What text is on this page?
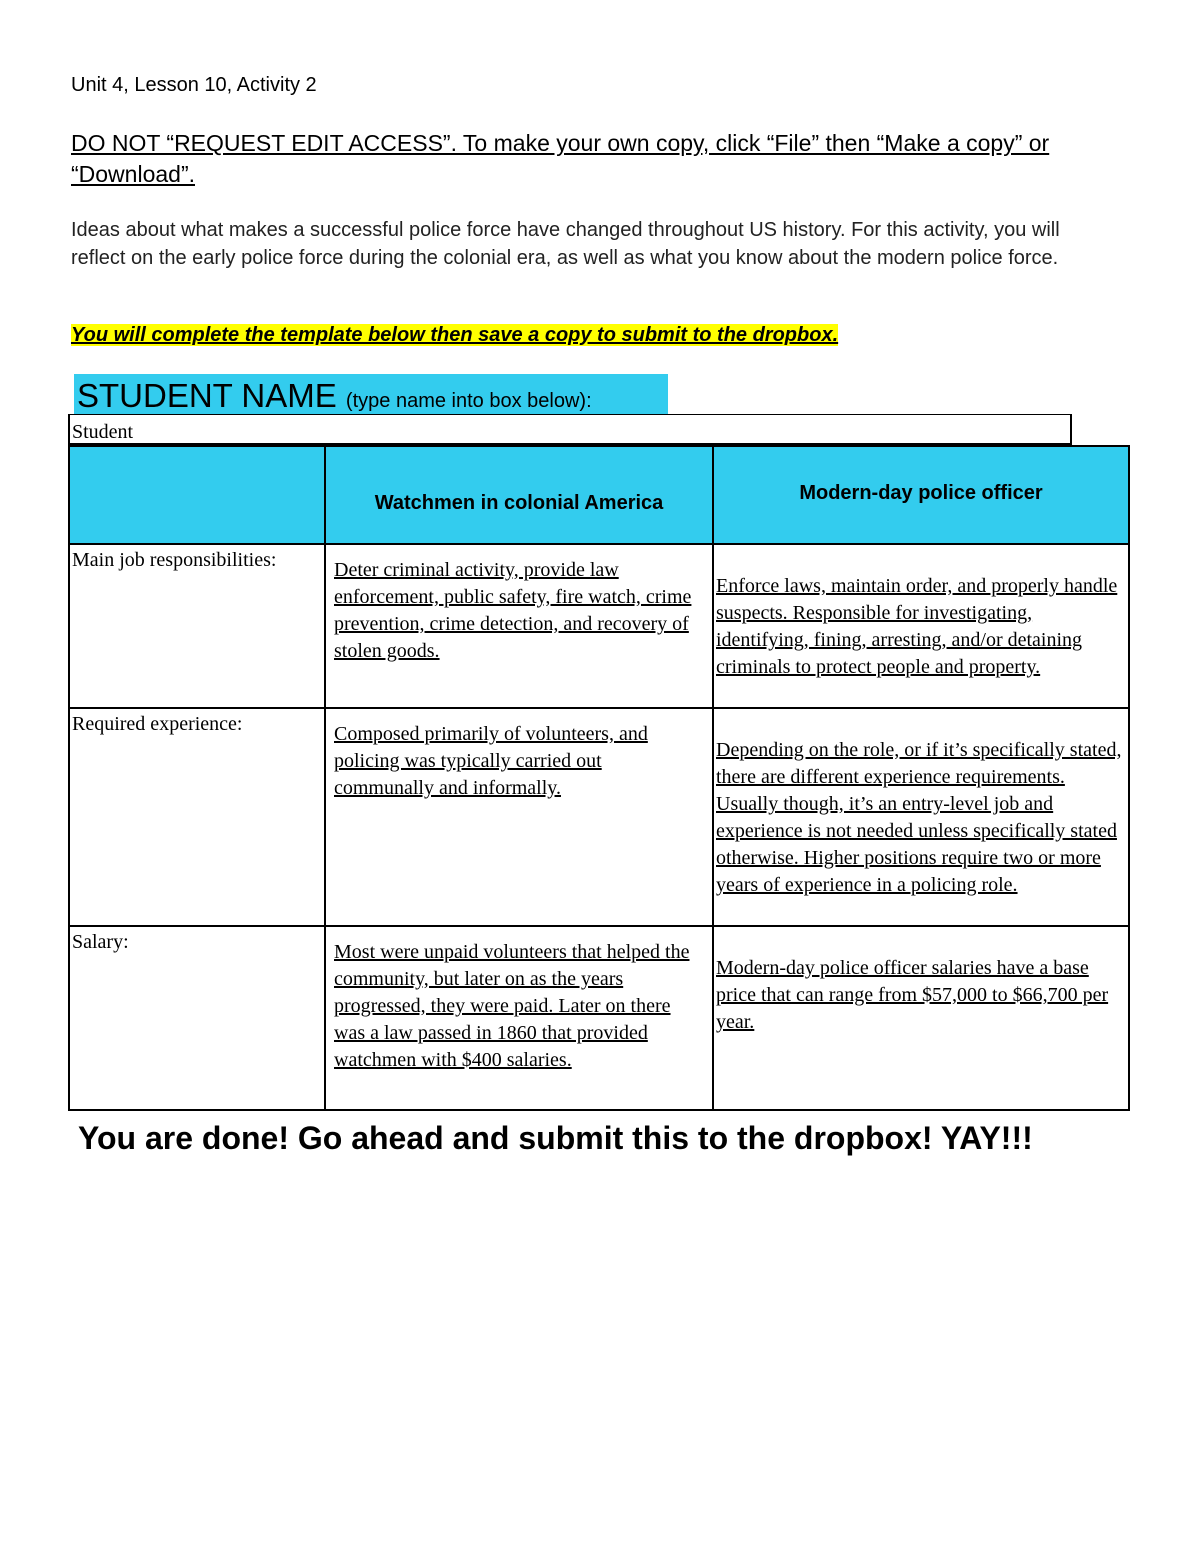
Unit 4, Lesson 10, Activity 2
DO NOT “REQUEST EDIT ACCESS”. To make your own copy, click “File” then “Make a copy” or “Download”.
Ideas about what makes a successful police force have changed throughout US history. For this activity, you will reflect on the early police force during the colonial era, as well as what you know about the modern police force.
You will complete the template below then save a copy to submit to the dropbox.
STUDENT NAME (type name into box below):
Student
	Watchmen in colonial America	Modern-day police officer
Main job responsibilities:	Deter criminal activity, provide law enforcement, public safety, fire watch, crime prevention, crime detection, and recovery of stolen goods.	Enforce laws, maintain order, and properly handle suspects. Responsible for investigating, identifying, fining, arresting, and/or detaining criminals to protect people and property.
Required experience:	Composed primarily of volunteers, and policing was typically carried out communally and informally.	Depending on the role, or if it’s specifically stated, there are different experience requirements. Usually though, it’s an entry-level job and experience is not needed unless specifically stated otherwise. Higher positions require two or more years of experience in a policing role.
Salary:	Most were unpaid volunteers that helped the community, but later on as the years progressed, they were paid. Later on there was a law passed in 1860 that provided watchmen with $400 salaries.	Modern-day police officer salaries have a base price that can range from $57,000 to $66,700 per year.
You are done! Go ahead and submit this to the dropbox! YAY!!!
